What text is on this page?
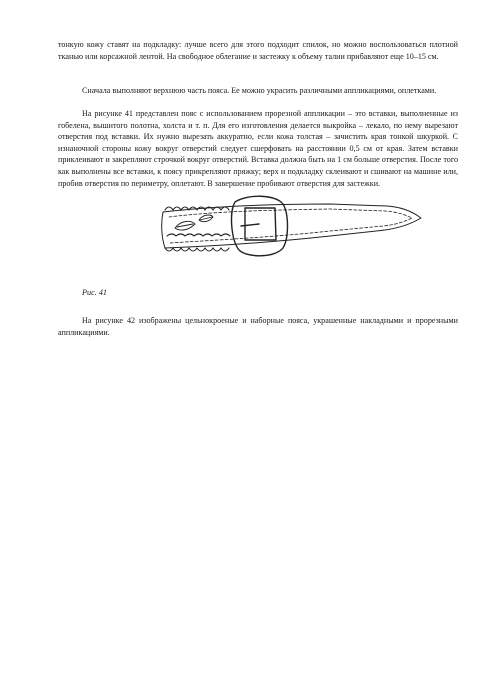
тонкую кожу ставят на подкладку: лучше всего для этого подходит спилок, но можно воспользоваться плотной тканью или корсажной лентой. На свободное облегание и застежку к объему талии прибавляют еще 10–15 см.

Сначала выполняют верхнюю часть пояса. Ее можно украсить различными аппликациями, оплетками.

На рисунке 41 представлен пояс с использованием прорезной аппликации – это вставки, выполненные из гобелена, вышитого полотна, холста и т. п. Для его изготовления делается выкройка – лекало, по нему вырезают отверстия под вставки. Их нужно вырезать аккуратно, если кожа толстая – зачистить края тонкой шкуркой. С изнаночной стороны кожу вокруг отверстий следует сшерфовать на расстоянии 0,5 см от края. Затем вставки приклеивают и закрепляют строчкой вокруг отверстий. Вставка должна быть на 1 см больше отверстия. После того как выполнены все вставки, к поясу прикрепляют пряжку; верх и подкладку склеивают и сшивают на машине или, пробив отверстия по периметру, оплетают. В завершение пробивают отверстия для застежки.

Рис. 41

На рисунке 42 изображены цельнокроеные и наборные пояса, украшенные накладными и прорезными аппликациями.
